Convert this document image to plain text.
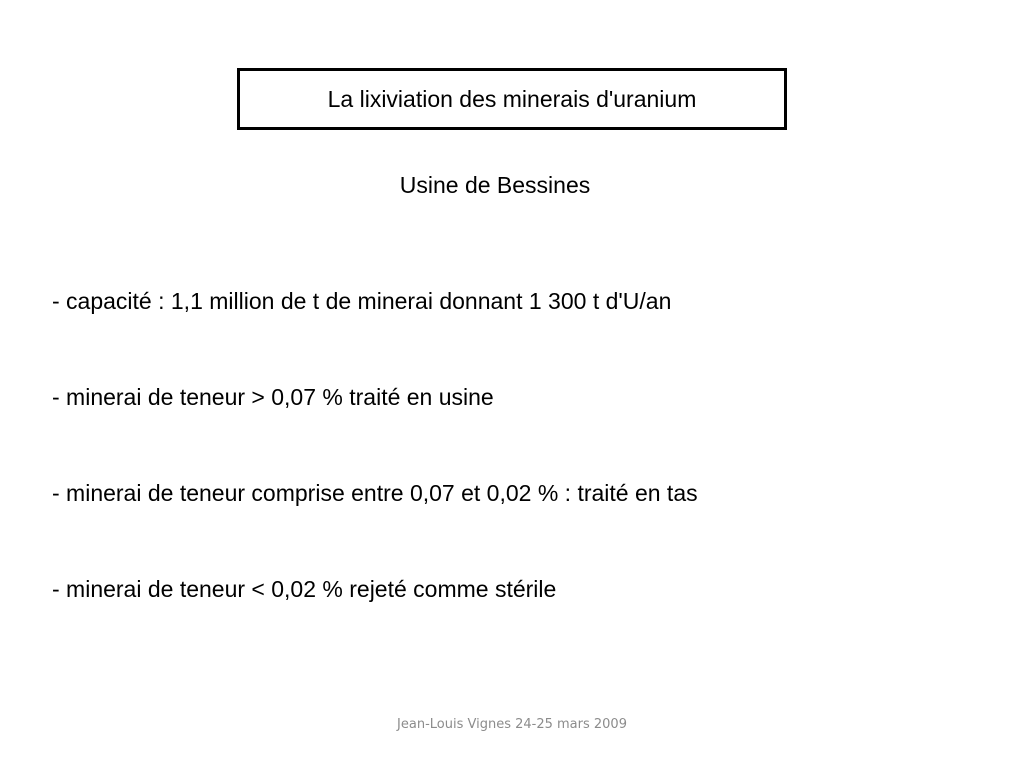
La lixiviation des minerais d'uranium
Usine de Bessines
- capacité : 1,1 million de t de minerai donnant 1 300 t d'U/an
- minerai de teneur > 0,07 % traité en usine
- minerai de teneur comprise entre 0,07 et 0,02 % : traité en tas
- minerai de teneur < 0,02 % rejeté comme stérile
Jean-Louis Vignes 24-25 mars 2009
